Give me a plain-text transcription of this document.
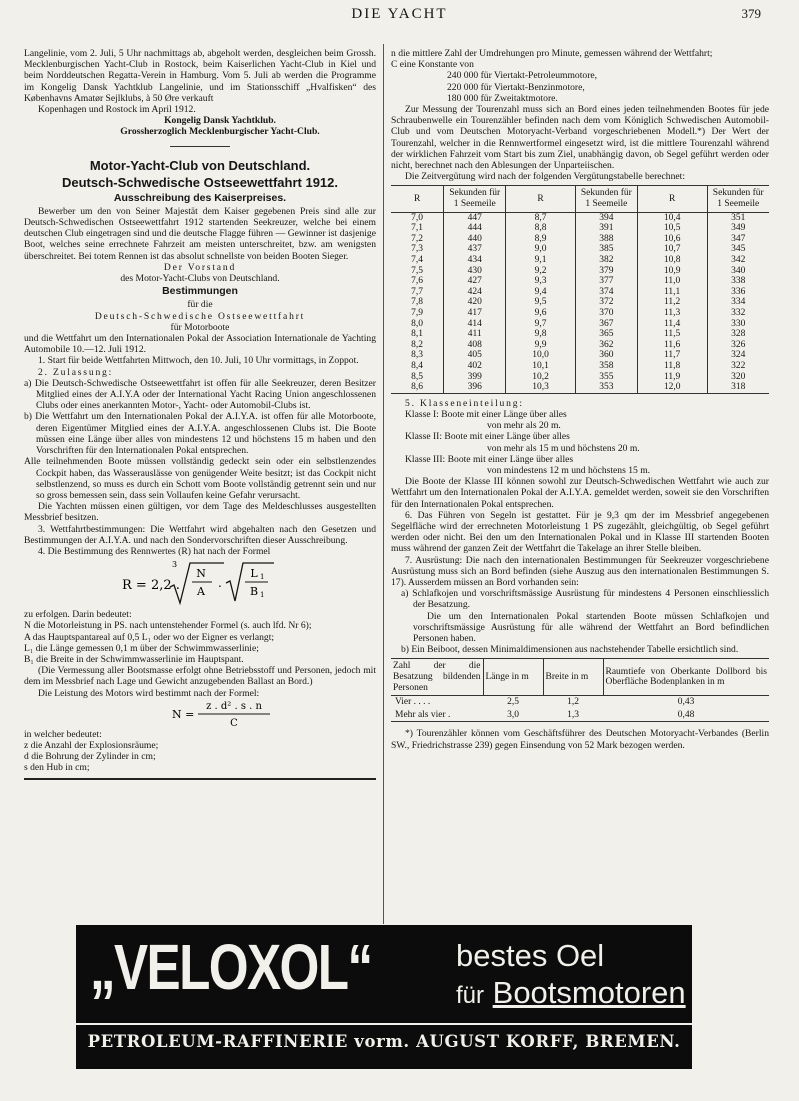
DIE YACHT	379

Langelinie, vom 2. Juli, 5 Uhr nachmittags ab, abgeholt werden, desgleichen beim Grossh. Mecklenburgischen Yacht-Club in Rostock, beim Kaiserlichen Yacht-Club in Kiel und beim Norddeutschen Regatta-Verein in Hamburg. Vom 5. Juli ab werden die Programme im Kongelig Dansk Yachtklub Langelinie, und im Stationsschiff „Hvalfisken“ des Københavns Amatør Sejlklubs, à 50 Øre verkauft

Kopenhagen und Rostock im April 1912.

Kongelig Dansk Yachtklub.

Grossherzoglich Mecklenburgischer Yacht-Club.

Motor-Yacht-Club von Deutschland.

Deutsch-Schwedische Ostseewettfahrt 1912.

Ausschreibung des Kaiserpreises.

Bewerber um den von Seiner Majestät dem Kaiser gegebenen Preis sind alle zur Deutsch-Schwedischen Ostseewettfahrt 1912 startenden Seekreuzer, welche bei einem deutschen Club eingetragen sind und die deutsche Flagge führen — Gewinner ist dasjenige Boot, welches seine errechnete Fahrzeit am meisten unterschreitet, bzw. am wenigsten überschreitet. Bei totem Rennen ist das absolut schnellste von beiden Booten Sieger.

Der Vorstand

des Motor-Yacht-Clubs von Deutschland.

Bestimmungen

für die

Deutsch-Schwedische Ostseewettfahrt

für Motorboote

und die Wettfahrt um den Internationalen Pokal der Association Internationale de Yachting Automobile 10.—12. Juli 1912.

1. Start für beide Wettfahrten Mittwoch, den 10. Juli, 10 Uhr vormittags, in Zoppot.

2. Zulassung:

a) Die Deutsch-Schwedische Ostseewettfahrt ist offen für alle Seekreuzer, deren Besitzer Mitglied eines der A.I.Y.A oder der International Yacht Racing Union angeschlossenen Clubs oder eines anerkannten Motor-, Yacht- oder Automobil-Clubs ist.

b) Die Wettfahrt um den Internationalen Pokal der A.I.Y.A. ist offen für alle Motorboote, deren Eigentümer Mitglied eines der A.I.Y.A. angeschlossenen Clubs ist. Die Boote müssen eine Länge über alles von mindestens 12 und höchstens 15 m haben und den Vorschriften für den Internationalen Pokal entsprechen.

Alle teilnehmenden Boote müssen vollständig gedeckt sein oder ein selbstlenzendes Cockpit haben, das Wasserauslässe von genügender Weite besitzt; ist das Cockpit nicht selbstlenzend, so muss es durch ein Schott vom Boote vollständig getrennt sein und nur so gross bemessen sein, dass sein Vollaufen keine Gefahr verursacht.

Die Yachten müssen einen gültigen, vor dem Tage des Meldeschlusses ausgestellten Messbrief besitzen.

3. Wettfahrtbestimmungen: Die Wettfahrt wird abgehalten nach den Gesetzen und Bestimmungen der A.I.Y.A. und nach den Sondervorschriften dieser Ausschreibung.

4. Die Bestimmung des Rennwertes (R) hat nach der Formel

R = 2,2 .
3
N
A
.
L 1
B 1

zu erfolgen. Darin bedeutet:

N die Motorleistung in PS. nach untenstehender Formel (s. auch lfd. Nr 6);

A das Hauptspantareal auf 0,5 L₁ oder wo der Eigner es verlangt;

L₁ die Länge gemessen 0,1 m über der Schwimmwasserlinie;

B₁ die Breite in der Schwimmwasserlinie im Hauptspant.

(Die Vermessung aller Bootsmasse erfolgt ohne Betriebsstoff und Personen, jedoch mit dem im Messbrief nach Lage und Gewicht anzugebenden Ballast an Bord.)

Die Leistung des Motors wird bestimmt nach der Formel:

N =
z . d² . s . n
C

in welcher bedeutet:

z die Anzahl der Explosionsräume;

d die Bohrung der Zylinder in cm;

s den Hub in cm;

n die mittlere Zahl der Umdrehungen pro Minute, gemessen während der Wettfahrt;

C eine Konstante von

240 000 für Viertakt-Petroleummotore,

220 000 für Viertakt-Benzinmotore,

180 000 für Zweitaktmotore.

Zur Messung der Tourenzahl muss sich an Bord eines jeden teilnehmenden Bootes für jede Schraubenwelle ein Tourenzähler befinden nach dem vom Königlich Schwedischen Automobil-Club und vom Deutschen Motoryacht-Verband vorgeschriebenen Modell.*) Der Wert der Tourenzahl, welcher in die Rennwertformel eingesetzt wird, ist die mittlere Tourenzahl während der wirklichen Fahrzeit vom Start bis zum Ziel, unabhängig davon, ob Segel geführt werden oder nicht, berechnet nach den Ablesungen der Unparteiischen.

Die Zeitvergütung wird nach der folgenden Vergütungstabelle berechnet:

R	Sekunden für 1 Seemeile	R	Sekunden für 1 Seemeile	R	Sekunden für 1 Seemeile
7,0	447	8,7	394	10,4	351
7,1	444	8,8	391	10,5	349
7,2	440	8,9	388	10,6	347
7,3	437	9,0	385	10,7	345
7,4	434	9,1	382	10,8	342
7,5	430	9,2	379	10,9	340
7,6	427	9,3	377	11,0	338
7,7	424	9,4	374	11,1	336
7,8	420	9,5	372	11,2	334
7,9	417	9,6	370	11,3	332
8,0	414	9,7	367	11,4	330
8,1	411	9,8	365	11,5	328
8,2	408	9,9	362	11,6	326
8,3	405	10,0	360	11,7	324
8,4	402	10,1	358	11,8	322
8,5	399	10,2	355	11,9	320
8,6	396	10,3	353	12,0	318

5. Klasseneinteilung:

Klasse I: Boote mit einer Länge über alles

von mehr als 20 m.

Klasse II: Boote mit einer Länge über alles

von mehr als 15 m und höchstens 20 m.

Klasse III: Boote mit einer Länge über alles

von mindestens 12 m und höchstens 15 m.

Die Boote der Klasse III können sowohl zur Deutsch-Schwedischen Wettfahrt wie auch zur Wettfahrt um den Internationalen Pokal der A.I.Y.A. gemeldet werden, soweit sie den Vorschriften für den Internationalen Pokal entsprechen.

6. Das Führen von Segeln ist gestattet. Für je 9,3 qm der im Messbrief angegebenen Segelfläche wird der errechneten Motorleistung 1 PS zugezählt, gleichgültig, ob Segel geführt werden oder nicht. Bei den um den Internationalen Pokal und in Klasse III startenden Booten muss während der ganzen Zeit der Wettfahrt die Takelage an ihrer Stelle bleiben.

7. Ausrüstung: Die nach den internationalen Bestimmungen für Seekreuzer vorgeschriebene Ausrüstung muss sich an Bord befinden (siehe Auszug aus den internationalen Bestimmungen S. 17). Ausserdem müssen an Bord vorhanden sein:

a) Schlafkojen und vorschriftsmässige Ausrüstung für mindestens 4 Personen einschliesslich der Besatzung.

Die um den Internationalen Pokal startenden Boote müssen Schlafkojen und vorschriftsmässige Ausrüstung für alle während der Wettfahrt an Bord befindlichen Personen haben.

b) Ein Beiboot, dessen Minimaldimensionen aus nachstehender Tabelle ersichtlich sind.

Zahl der die Besatzung bildenden Personen	Länge in m	Breite in m	Raumtiefe von Oberkante Dollbord bis Oberfläche Bodenplanken in m
Vier . . . .	2,5	1,2	0,43
Mehr als vier .	3,0	1,3	0,48

*) Tourenzähler können vom Geschäftsführer des Deutschen Motoryacht-Verbandes (Berlin SW., Friedrichstrasse 239) gegen Einsendung von 52 Mark bezogen werden.

„VELOXOL“	bestes Oel
für Bootsmotoren
PETROLEUM-RAFFINERIE vorm. AUGUST KORFF, BREMEN.
